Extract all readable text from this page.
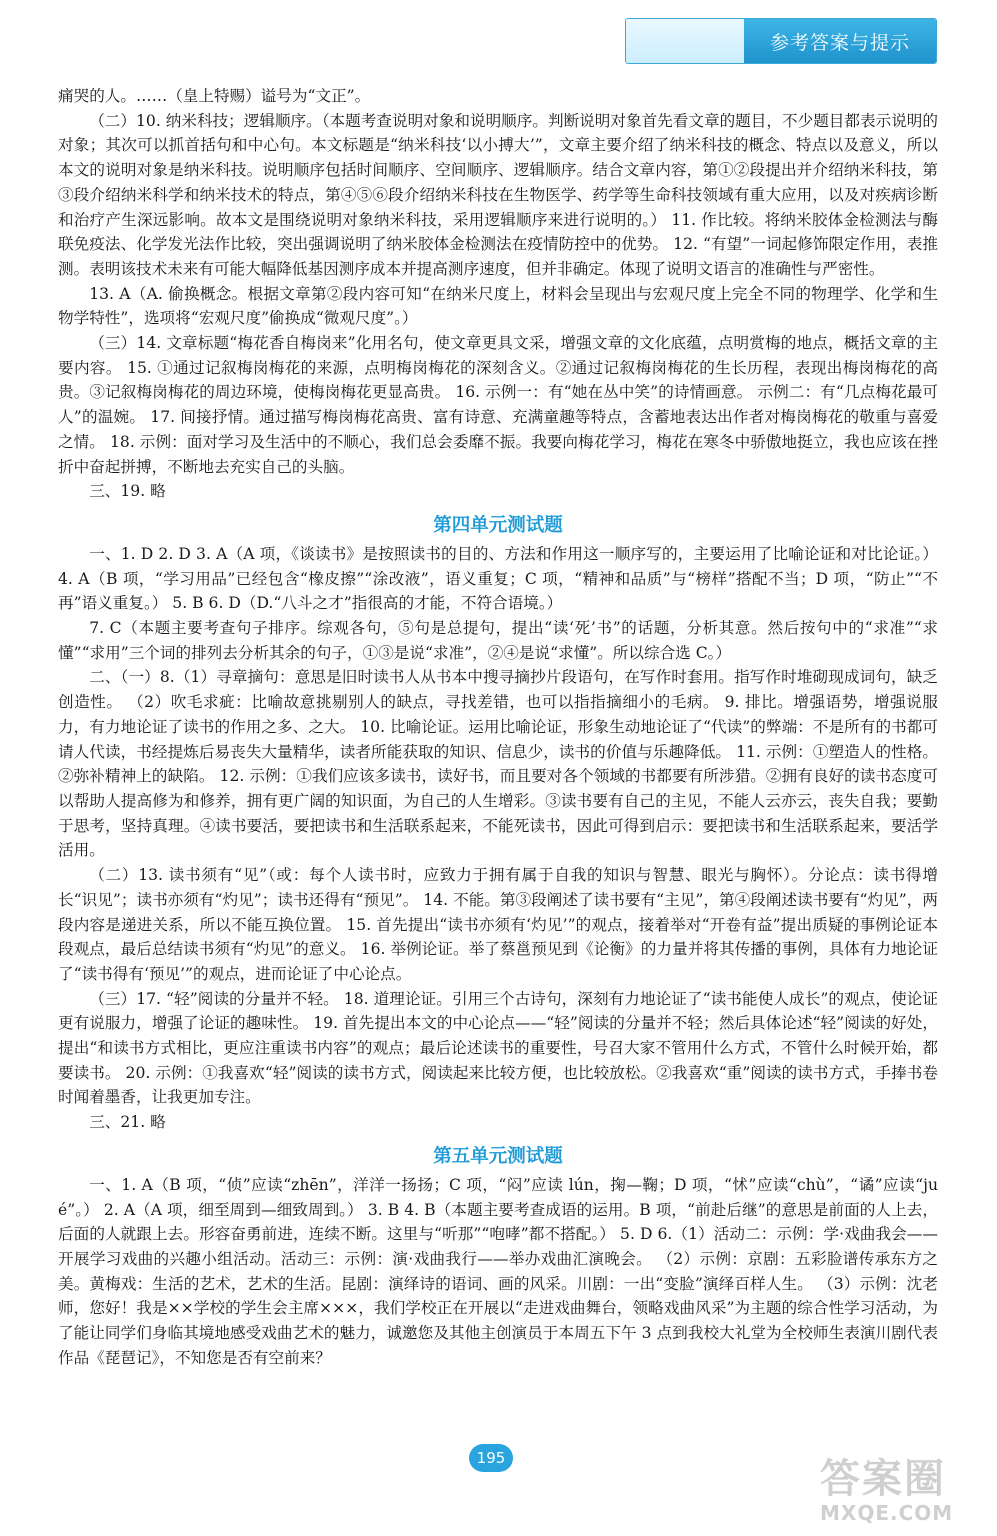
参考答案与提示

痛哭的人。……（皇上特赐）谥号为“文正”。

（二）10. 纳米科技；逻辑顺序。（本题考查说明对象和说明顺序。判断说明对象首先看文章的题目，不少题目都表示说明的对象；其次可以抓首括句和中心句。本文标题是“纳米科技‘以小搏大’”，文章主要介绍了纳米科技的概念、特点以及意义，所以本文的说明对象是纳米科技。说明顺序包括时间顺序、空间顺序、逻辑顺序。结合文章内容，第①②段提出并介绍纳米科技，第③段介绍纳米科学和纳米技术的特点，第④⑤⑥段介绍纳米科技在生物医学、药学等生命科技领域有重大应用，以及对疾病诊断和治疗产生深远影响。故本文是围绕说明对象纳米科技，采用逻辑顺序来进行说明的。） 11. 作比较。将纳米胶体金检测法与酶联免疫法、化学发光法作比较，突出强调说明了纳米胶体金检测法在疫情防控中的优势。 12. “有望”一词起修饰限定作用，表推测。表明该技术未来有可能大幅降低基因测序成本并提高测序速度，但并非确定。体现了说明文语言的准确性与严密性。

13. A（A. 偷换概念。根据文章第②段内容可知“在纳米尺度上，材料会呈现出与宏观尺度上完全不同的物理学、化学和生物学特性”，选项将“宏观尺度”偷换成“微观尺度”。）

（三）14. 文章标题“梅花香自梅岗来”化用名句，使文章更具文采，增强文章的文化底蕴，点明赏梅的地点，概括文章的主要内容。 15. ①通过记叙梅岗梅花的来源，点明梅岗梅花的深刻含义。②通过记叙梅岗梅花的生长历程，表现出梅岗梅花的高贵。③记叙梅岗梅花的周边环境，使梅岗梅花更显高贵。 16. 示例一：有“她在丛中笑”的诗情画意。 示例二：有“几点梅花最可人”的温婉。 17. 间接抒情。通过描写梅岗梅花高贵、富有诗意、充满童趣等特点，含蓄地表达出作者对梅岗梅花的敬重与喜爱之情。 18. 示例：面对学习及生活中的不顺心，我们总会委靡不振。我要向梅花学习，梅花在寒冬中骄傲地挺立，我也应该在挫折中奋起拼搏，不断地去充实自己的头脑。

三、19. 略

第四单元测试题

一、1. D 2. D 3. A（A 项，《谈读书》是按照读书的目的、方法和作用这一顺序写的，主要运用了比喻论证和对比论证。） 4. A（B 项，“学习用品”已经包含“橡皮擦”“涂改液”，语义重复；C 项，“精神和品质”与“榜样”搭配不当；D 项，“防止”“不再”语义重复。） 5. B 6. D（D.“八斗之才”指很高的才能，不符合语境。）

7. C（本题主要考查句子排序。综观各句，⑤句是总提句，提出“读‘死’书”的话题，分析其意。然后按句中的“求准”“求懂”“求用”三个词的排列去分析其余的句子，①③是说“求准”，②④是说“求懂”。所以综合选 C。）

二、（一）8.（1）寻章摘句：意思是旧时读书人从书本中搜寻摘抄片段语句，在写作时套用。指写作时堆砌现成词句，缺乏创造性。 （2）吹毛求疵：比喻故意挑剔别人的缺点，寻找差错，也可以指指摘细小的毛病。 9. 排比。增强语势，增强说服力，有力地论证了读书的作用之多、之大。 10. 比喻论证。运用比喻论证，形象生动地论证了“代读”的弊端：不是所有的书都可请人代读，书经提炼后易丧失大量精华，读者所能获取的知识、信息少，读书的价值与乐趣降低。 11. 示例：①塑造人的性格。②弥补精神上的缺陷。 12. 示例：①我们应该多读书，读好书，而且要对各个领域的书都要有所涉猎。②拥有良好的读书态度可以帮助人提高修为和修养，拥有更广阔的知识面，为自己的人生增彩。③读书要有自己的主见，不能人云亦云，丧失自我；要勤于思考，坚持真理。④读书要活，要把读书和生活联系起来，不能死读书，因此可得到启示：要把读书和生活联系起来，要活学活用。

（二）13. 读书须有“见”（或：每个人读书时，应致力于拥有属于自我的知识与智慧、眼光与胸怀）。分论点：读书得增长“识见”；读书亦须有“灼见”；读书还得有“预见”。 14. 不能。第③段阐述了读书要有“主见”，第④段阐述读书要有“灼见”，两段内容是递进关系，所以不能互换位置。 15. 首先提出“读书亦须有‘灼见’”的观点，接着举对“开卷有益”提出质疑的事例论证本段观点，最后总结读书须有“灼见”的意义。 16. 举例论证。举了蔡邕预见到《论衡》的力量并将其传播的事例，具体有力地论证了“读书得有‘预见’”的观点，进而论证了中心论点。

（三）17. “轻”阅读的分量并不轻。 18. 道理论证。引用三个古诗句，深刻有力地论证了“读书能使人成长”的观点，使论证更有说服力，增强了论证的趣味性。 19. 首先提出本文的中心论点——“轻”阅读的分量并不轻；然后具体论述“轻”阅读的好处，提出“和读书方式相比，更应注重读书内容”的观点；最后论述读书的重要性，号召大家不管用什么方式，不管什么时候开始，都要读书。 20. 示例：①我喜欢“轻”阅读的读书方式，阅读起来比较方便，也比较放松。②我喜欢“重”阅读的读书方式，手捧书卷时闻着墨香，让我更加专注。

三、21. 略

第五单元测试题

一、1. A（B 项，“侦”应读“zhēn”，洋洋一扬扬；C 项，“闷”应读 lún，掬—鞠；D 项，“怵”应读“chù”，“谲”应读“jué”。） 2. A（A 项，细至周到—细致周到。） 3. B 4. B（本题主要考查成语的运用。B 项，“前赴后继”的意思是前面的人上去，后面的人就跟上去。形容奋勇前进，连续不断。这里与“听那”“咆哮”都不搭配。） 5. D 6.（1）活动二：示例：学·戏曲我会——开展学习戏曲的兴趣小组活动。活动三：示例：演·戏曲我行——举办戏曲汇演晚会。 （2）示例：京剧：五彩脸谱传承东方之美。黄梅戏：生活的艺术，艺术的生活。昆剧：演绎诗的语词、画的风采。川剧：一出“变脸”演绎百样人生。 （3）示例：沈老师，您好！我是××学校的学生会主席×××，我们学校正在开展以“走进戏曲舞台，领略戏曲风采”为主题的综合性学习活动，为了能让同学们身临其境地感受戏曲艺术的魅力，诚邀您及其他主创演员于本周五下午 3 点到我校大礼堂为全校师生表演川剧代表作品《琵琶记》，不知您是否有空前来？

195	答案圈
MXQE.COM
